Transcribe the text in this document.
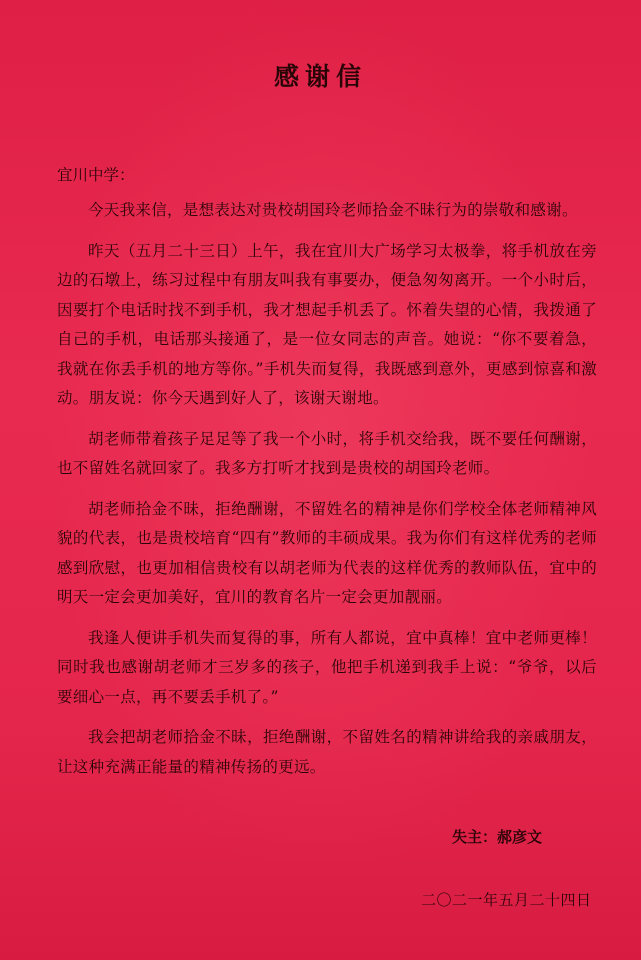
感谢信
宜川中学：

今天我来信，是想表达对贵校胡国玲老师拾金不昧行为的崇敬和感谢。

昨天（五月二十三日）上午，我在宜川大广场学习太极拳，将手机放在旁边的石墩上，练习过程中有朋友叫我有事要办，便急匆匆离开。一个小时后，因要打个电话时找不到手机，我才想起手机丢了。怀着失望的心情，我拨通了自己的手机，电话那头接通了，是一位女同志的声音。她说：“你不要着急，我就在你丢手机的地方等你。”手机失而复得，我既感到意外，更感到惊喜和激动。朋友说：你今天遇到好人了，该谢天谢地。

胡老师带着孩子足足等了我一个小时，将手机交给我，既不要任何酬谢，也不留姓名就回家了。我多方打听才找到是贵校的胡国玲老师。

胡老师拾金不昧，拒绝酬谢，不留姓名的精神是你们学校全体老师精神风貌的代表，也是贵校培育“四有”教师的丰硕成果。我为你们有这样优秀的老师感到欣慰，也更加相信贵校有以胡老师为代表的这样优秀的教师队伍，宜中的明天一定会更加美好，宜川的教育名片一定会更加靓丽。

我逢人便讲手机失而复得的事，所有人都说，宜中真棒！宜中老师更棒！同时我也感谢胡老师才三岁多的孩子，他把手机递到我手上说：“爷爷，以后要细心一点，再不要丢手机了。”

我会把胡老师拾金不昧，拒绝酬谢，不留姓名的精神讲给我的亲戚朋友，让这种充满正能量的精神传扬的更远。

失主：郝彦文
二〇二一年五月二十四日
